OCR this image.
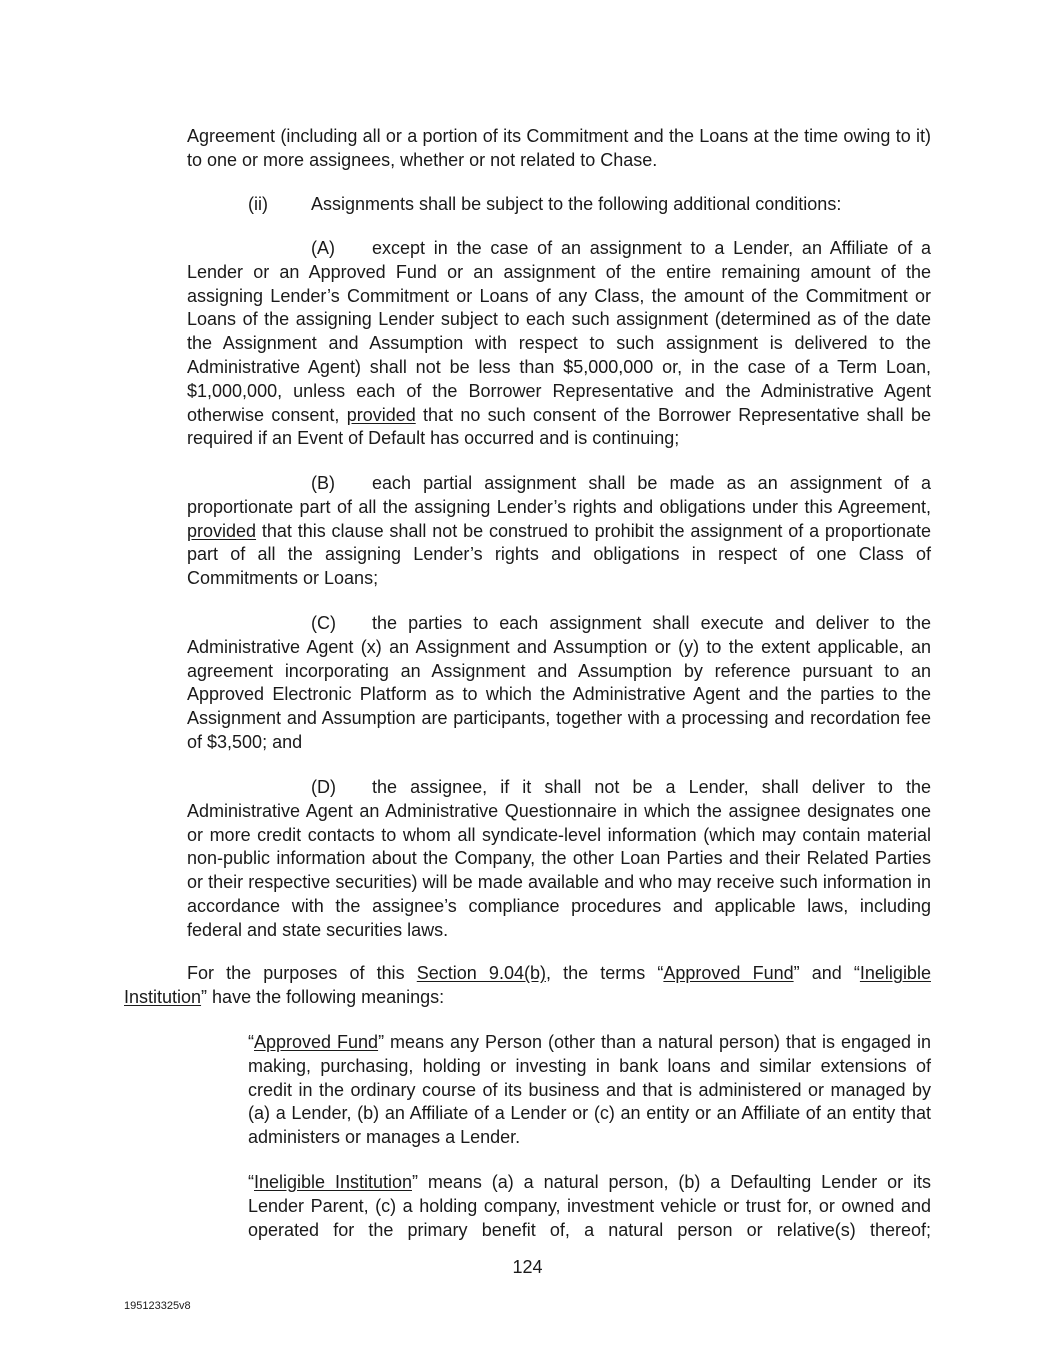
Agreement (including all or a portion of its Commitment and the Loans at the time owing to it) to one or more assignees, whether or not related to Chase.

(ii) Assignments shall be subject to the following additional conditions:

(A) except in the case of an assignment to a Lender, an Affiliate of a Lender or an Approved Fund or an assignment of the entire remaining amount of the assigning Lender’s Commitment or Loans of any Class, the amount of the Commitment or Loans of the assigning Lender subject to each such assignment (determined as of the date the Assignment and Assumption with respect to such assignment is delivered to the Administrative Agent) shall not be less than $5,000,000 or, in the case of a Term Loan, $1,000,000, unless each of the Borrower Representative and the Administrative Agent otherwise consent, provided that no such consent of the Borrower Representative shall be required if an Event of Default has occurred and is continuing;

(B) each partial assignment shall be made as an assignment of a proportionate part of all the assigning Lender’s rights and obligations under this Agreement, provided that this clause shall not be construed to prohibit the assignment of a proportionate part of all the assigning Lender’s rights and obligations in respect of one Class of Commitments or Loans;

(C) the parties to each assignment shall execute and deliver to the Administrative Agent (x) an Assignment and Assumption or (y) to the extent applicable, an agreement incorporating an Assignment and Assumption by reference pursuant to an Approved Electronic Platform as to which the Administrative Agent and the parties to the Assignment and Assumption are participants, together with a processing and recordation fee of $3,500; and

(D) the assignee, if it shall not be a Lender, shall deliver to the Administrative Agent an Administrative Questionnaire in which the assignee designates one or more credit contacts to whom all syndicate-level information (which may contain material non-public information about the Company, the other Loan Parties and their Related Parties or their respective securities) will be made available and who may receive such information in accordance with the assignee’s compliance procedures and applicable laws, including federal and state securities laws.

For the purposes of this Section 9.04(b), the terms “Approved Fund” and “Ineligible Institution” have the following meanings:

“Approved Fund” means any Person (other than a natural person) that is engaged in making, purchasing, holding or investing in bank loans and similar extensions of credit in the ordinary course of its business and that is administered or managed by (a) a Lender, (b) an Affiliate of a Lender or (c) an entity or an Affiliate of an entity that administers or manages a Lender.

“Ineligible Institution” means (a) a natural person, (b) a Defaulting Lender or its Lender Parent, (c) a holding company, investment vehicle or trust for, or owned and operated for the primary benefit of, a natural person or relative(s) thereof;

124
195123325v8
